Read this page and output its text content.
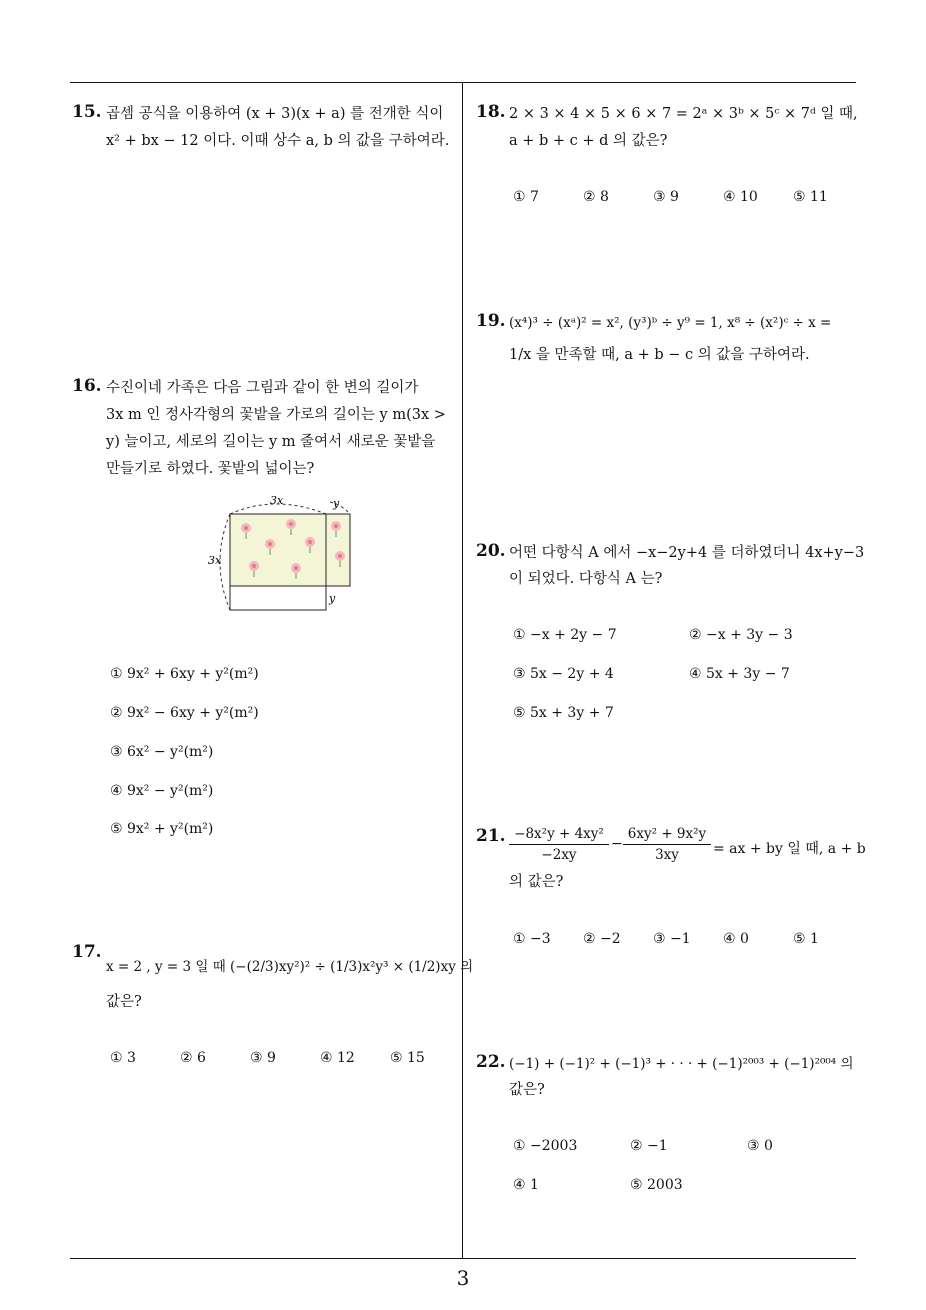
15. 곱셈 공식을 이용하여 (x + 3)(x + a) 를 전개한 식이
x² + bx − 12 이다. 이때 상수 a, b 의 값을 구하여라.
16. 수진이네 가족은 다음 그림과 같이 한 변의 길이가
3x m 인 정사각형의 꽃밭을 가로의 길이는 y m(3x >
y) 늘이고, 세로의 길이는 y m 줄여서 새로운 꽃밭을
만들기로 하였다. 꽃밭의 넓이는?
3x	y
3x
y
① 9x² + 6xy + y²(m²)
② 9x² − 6xy + y²(m²)
③ 6x² − y²(m²)
④ 9x² − y²(m²)
⑤ 9x² + y²(m²)
17.
x = 2 , y = 3 일 때 (−(2/3)xy²)² ÷ (1/3)x²y³ × (1/2)xy 의
값은?
① 3	② 6	③ 9	④ 12	⑤ 15
18. 2 × 3 × 4 × 5 × 6 × 7 = 2ᵃ × 3ᵇ × 5ᶜ × 7ᵈ 일 때,
a + b + c + d 의 값은?
① 7	② 8	③ 9	④ 10	⑤ 11
19. (x⁴)³ ÷ (xᵃ)² = x², (y³)ᵇ ÷ y⁹ = 1, x⁸ ÷ (x²)ᶜ ÷ x =
1/x 을 만족할 때, a + b − c 의 값을 구하여라.
20. 어떤 다항식 A 에서 −x−2y+4 를 더하였더니 4x+y−3
이 되었다. 다항식 A 는?
① −x + 2y − 7	② −x + 3y − 3
③ 5x − 2y + 4	④ 5x + 3y − 7
⑤ 5x + 3y + 7
21. $\frac{\text{−8x²y + 4xy²}}{-2xy} - \frac{\text{6xy² + 9x²y}}{3xy}$ = ax + by 일 때, a + b
의 값은?
① −3 ② −2 ③ −1 ④ 0	⑤ 1
22. (−1) + (−1)² + (−1)³ + · · · + (−1)²⁰⁰³ + (−1)²⁰⁰⁴ 의
값은?
① −2003	② −1	③ 0
④ 1	⑤ 2003
3
